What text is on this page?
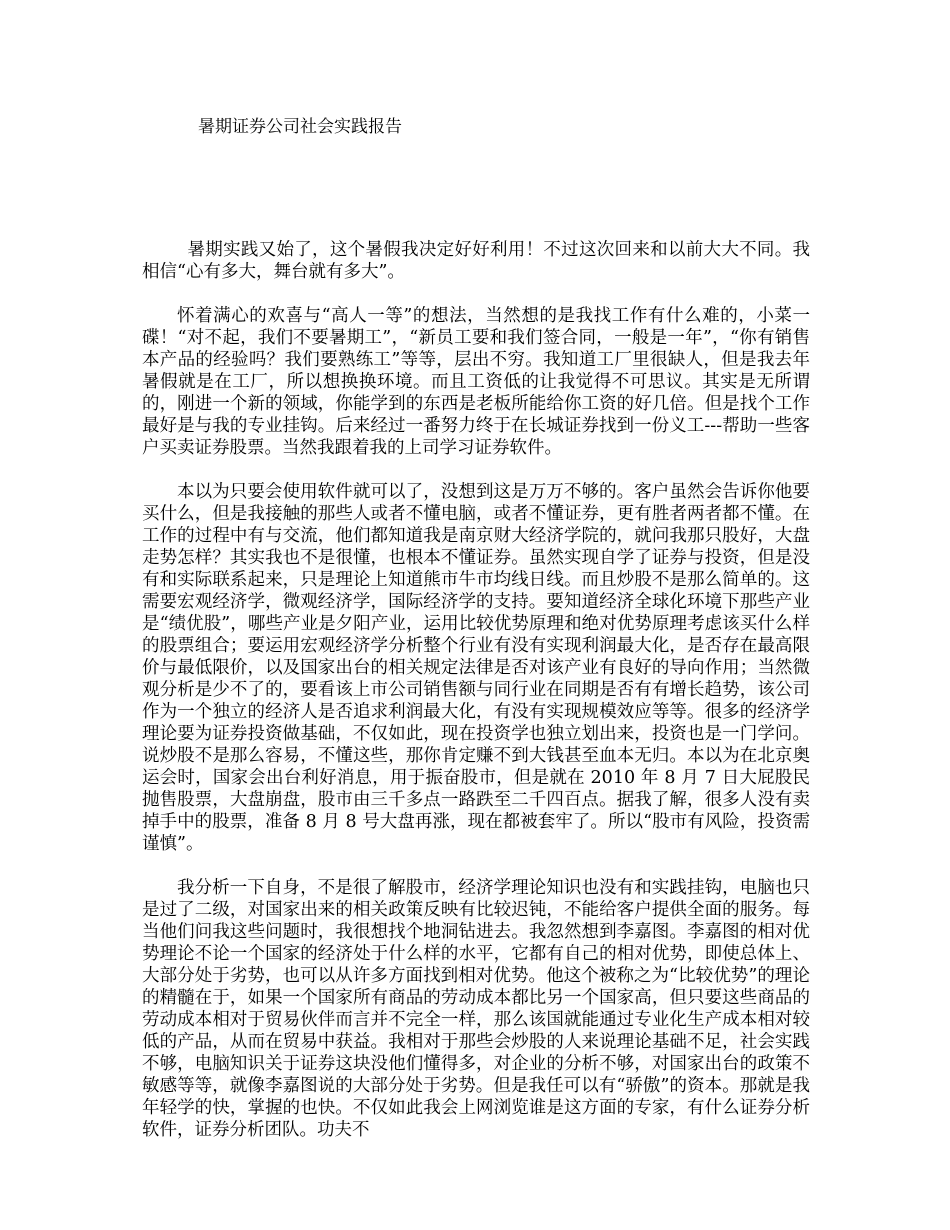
暑期证券公司社会实践报告

暑期实践又始了，这个暑假我决定好好利用！不过这次回来和以前大大不同。我相信“心有多大，舞台就有多大”。

怀着满心的欢喜与“高人一等”的想法，当然想的是我找工作有什么难的，小菜一碟！“对不起，我们不要暑期工”，“新员工要和我们签合同，一般是一年”，“你有销售本产品的经验吗？我们要熟练工”等等，层出不穷。我知道工厂里很缺人，但是我去年暑假就是在工厂，所以想换换环境。而且工资低的让我觉得不可思议。其实是无所谓的，刚进一个新的领域，你能学到的东西是老板所能给你工资的好几倍。但是找个工作最好是与我的专业挂钩。后来经过一番努力终于在长城证券找到一份义工---帮助一些客户买卖证券股票。当然我跟着我的上司学习证券软件。

本以为只要会使用软件就可以了，没想到这是万万不够的。客户虽然会告诉你他要买什么，但是我接触的那些人或者不懂电脑，或者不懂证券，更有胜者两者都不懂。在工作的过程中有与交流，他们都知道我是南京财大经济学院的，就问我那只股好，大盘走势怎样？其实我也不是很懂，也根本不懂证券。虽然实现自学了证券与投资，但是没有和实际联系起来，只是理论上知道熊市牛市均线日线。而且炒股不是那么简单的。这需要宏观经济学，微观经济学，国际经济学的支持。要知道经济全球化环境下那些产业是“绩优股”，哪些产业是夕阳产业，运用比较优势原理和绝对优势原理考虑该买什么样的股票组合；要运用宏观经济学分析整个行业有没有实现利润最大化，是否存在最高限价与最低限价，以及国家出台的相关规定法律是否对该产业有良好的导向作用；当然微观分析是少不了的，要看该上市公司销售额与同行业在同期是否有有增长趋势，该公司作为一个独立的经济人是否追求利润最大化，有没有实现规模效应等等。很多的经济学理论要为证券投资做基础，不仅如此，现在投资学也独立划出来，投资也是一门学问。说炒股不是那么容易，不懂这些，那你肯定赚不到大钱甚至血本无归。本以为在北京奥运会时，国家会出台利好消息，用于振奋股市，但是就在 2010 年 8 月 7 日大屁股民抛售股票，大盘崩盘，股市由三千多点一路跌至二千四百点。据我了解，很多人没有卖掉手中的股票，准备 8 月 8 号大盘再涨，现在都被套牢了。所以“股市有风险，投资需谨慎”。

我分析一下自身，不是很了解股市，经济学理论知识也没有和实践挂钩，电脑也只是过了二级，对国家出来的相关政策反映有比较迟钝，不能给客户提供全面的服务。每当他们问我这些问题时，我很想找个地洞钻进去。我忽然想到李嘉图。李嘉图的相对优势理论不论一个国家的经济处于什么样的水平，它都有自己的相对优势，即使总体上、大部分处于劣势，也可以从许多方面找到相对优势。他这个被称之为“比较优势”的理论的精髓在于，如果一个国家所有商品的劳动成本都比另一个国家高，但只要这些商品的劳动成本相对于贸易伙伴而言并不完全一样，那么该国就能通过专业化生产成本相对较低的产品，从而在贸易中获益。我相对于那些会炒股的人来说理论基础不足，社会实践不够，电脑知识关于证券这块没他们懂得多，对企业的分析不够，对国家出台的政策不敏感等等，就像李嘉图说的大部分处于劣势。但是我任可以有“骄傲”的资本。那就是我年轻学的快，掌握的也快。不仅如此我会上网浏览谁是这方面的专家，有什么证券分析软件，证券分析团队。功夫不
